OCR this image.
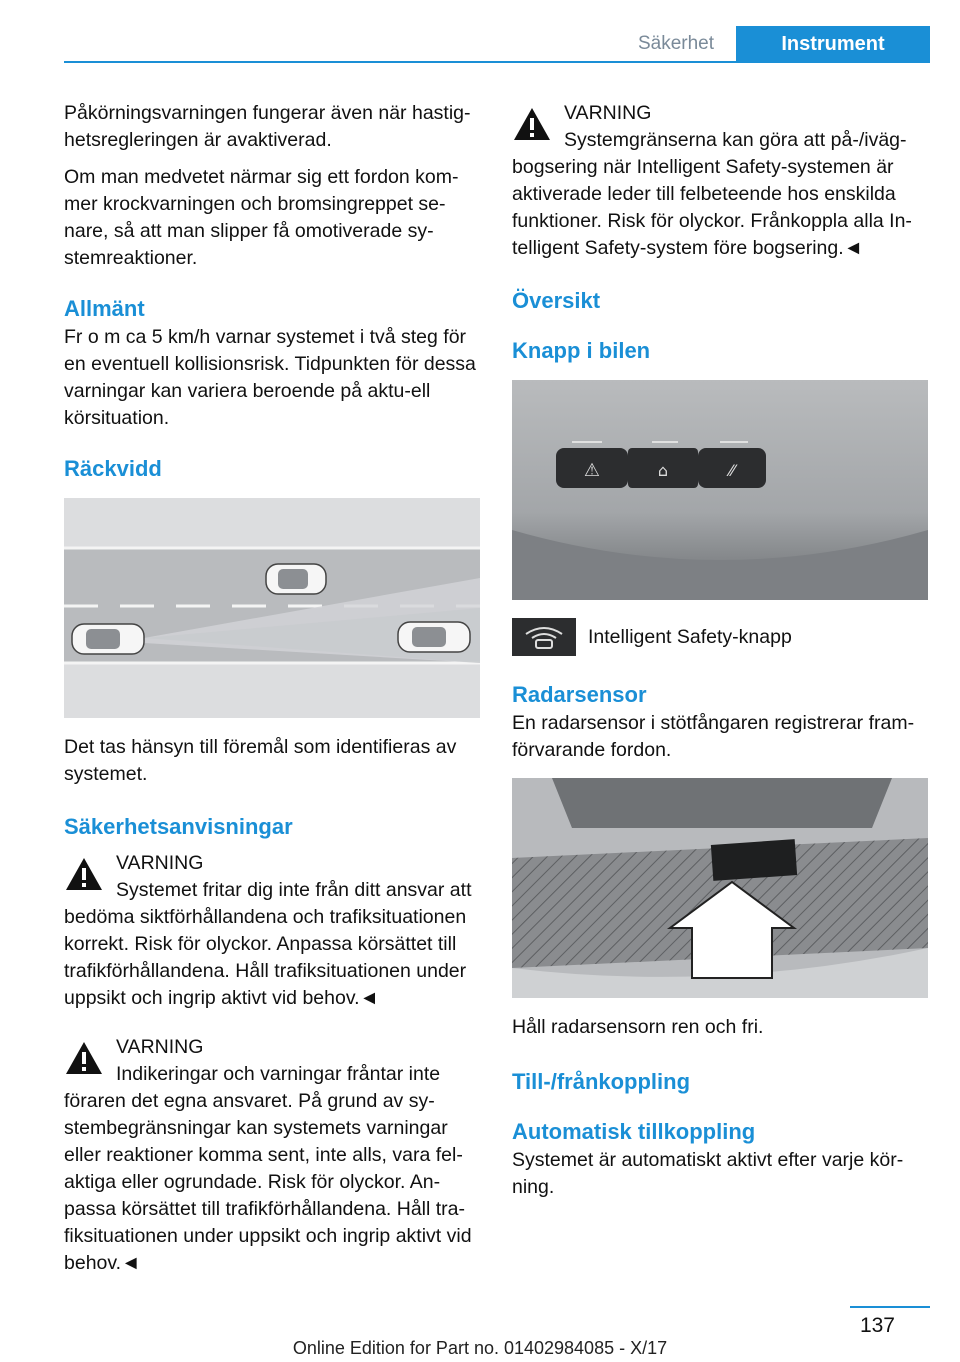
Säkerhet	Instrument

Påkörningsvarningen fungerar även när hastig‐hetsregleringen är avaktiverad.

Om man medvetet närmar sig ett fordon kom‐mer krockvarningen och bromsingreppet se‐nare, så att man slipper få omotiverade sy‐stemreaktioner.

Allmänt

Fr o m ca 5 km/h varnar systemet i två steg för en eventuell kollisionsrisk. Tidpunkten för dessa varningar kan variera beroende på aktu‐ell körsituation.

Räckvidd

Det tas hänsyn till föremål som identifieras av systemet.

Säkerhetsanvisningar

VARNING

Systemet fritar dig inte från ditt ansvar att bedöma siktförhållandena och trafiksituationen korrekt. Risk för olyckor. Anpassa körsättet till trafikförhållandena. Håll trafiksituationen under uppsikt och ingrip aktivt vid behov.◄

VARNING

Indikeringar och varningar fråntar inte föraren det egna ansvaret. På grund av sy‐stembegränsningar kan systemets varningar eller reaktioner komma sent, inte alls, vara fel‐aktiga eller ogrundade. Risk för olyckor. An‐passa körsättet till trafikförhållandena. Håll tra‐fiksituationen under uppsikt och ingrip aktivt vid behov.◄

VARNING

Systemgränserna kan göra att på-/iväg‐bogsering när Intelligent Safety-systemen är aktiverade leder till felbeteende hos enskilda funktioner. Risk för olyckor. Frånkoppla alla In‐telligent Safety-system före bogsering.◄

Översikt
Knapp i bilen
⚠	⌂	⁄⁄
Intelligent Safety-knapp
Radarsensor

En radarsensor i stötfångaren registrerar fram‐förvarande fordon.

Håll radarsensorn ren och fri.

Till-/frånkoppling
Automatisk tillkoppling

Systemet är automatiskt aktivt efter varje kör‐ning.

137
Online Edition for Part no. 01402984085 - X/17
